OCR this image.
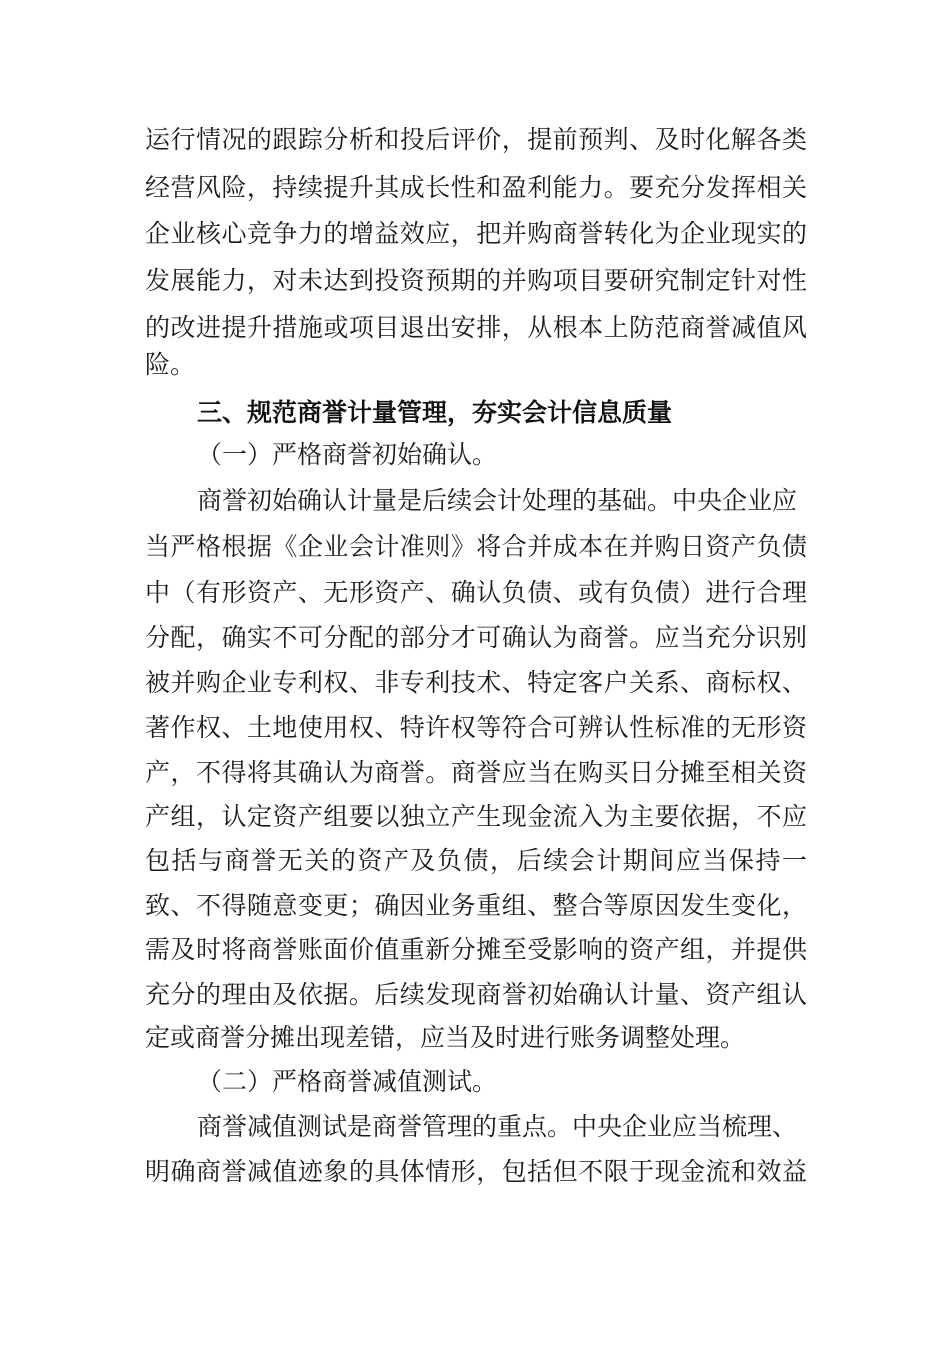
运行情况的跟踪分析和投后评价，提前预判、及时化解各类
经营风险，持续提升其成长性和盈利能力。要充分发挥相关
企业核心竞争力的增益效应，把并购商誉转化为企业现实的
发展能力，对未达到投资预期的并购项目要研究制定针对性
的改进提升措施或项目退出安排，从根本上防范商誉减值风
险。
三、规范商誉计量管理，夯实会计信息质量
（一）严格商誉初始确认。
商誉初始确认计量是后续会计处理的基础。中央企业应
当严格根据《企业会计准则》将合并成本在并购日资产负债
中（有形资产、无形资产、确认负债、或有负债）进行合理
分配，确实不可分配的部分才可确认为商誉。应当充分识别
被并购企业专利权、非专利技术、特定客户关系、商标权、
著作权、土地使用权、特许权等符合可辨认性标准的无形资
产，不得将其确认为商誉。商誉应当在购买日分摊至相关资
产组，认定资产组要以独立产生现金流入为主要依据，不应
包括与商誉无关的资产及负债，后续会计期间应当保持一
致、不得随意变更；确因业务重组、整合等原因发生变化，
需及时将商誉账面价值重新分摊至受影响的资产组，并提供
充分的理由及依据。后续发现商誉初始确认计量、资产组认
定或商誉分摊出现差错，应当及时进行账务调整处理。
（二）严格商誉减值测试。
商誉减值测试是商誉管理的重点。中央企业应当梳理、
明确商誉减值迹象的具体情形，包括但不限于现金流和效益
